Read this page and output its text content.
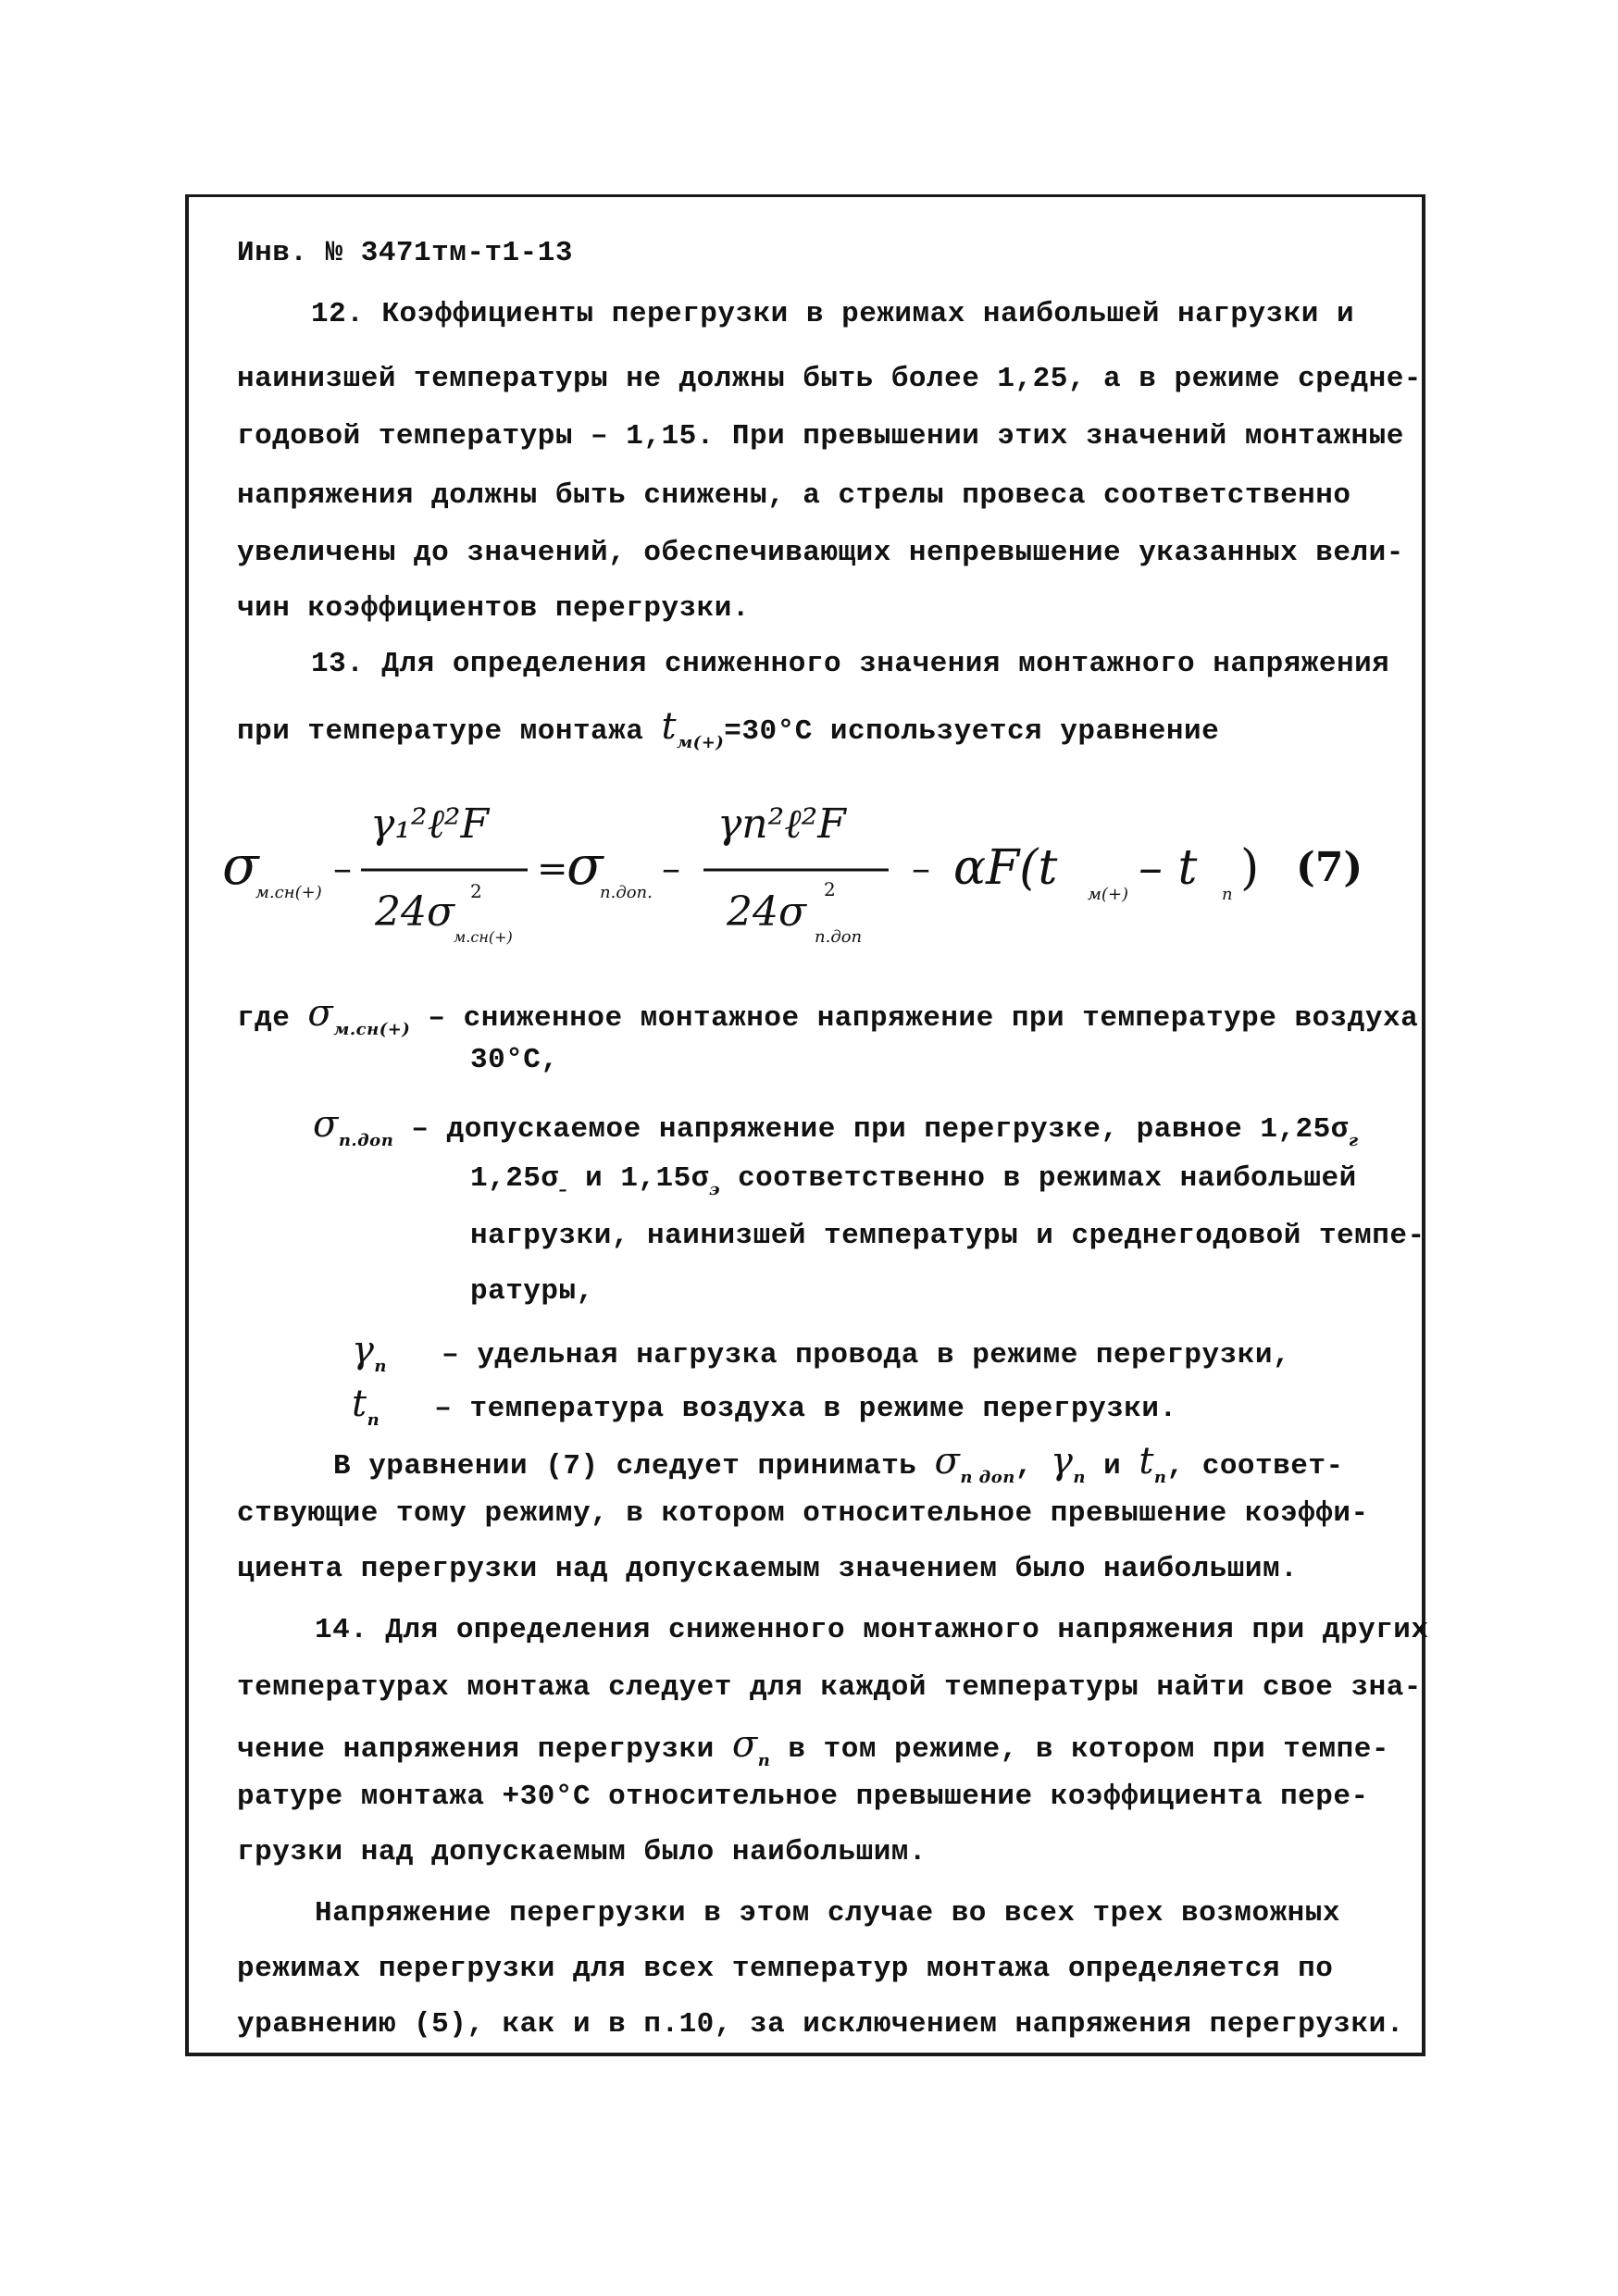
Инв. № 3471тм-т1-13
12. Коэффициенты перегрузки в режимах наибольшей нагрузки и
наинизшей температуры не должны быть более 1,25, а в режиме средне-
годовой температуры – 1,15. При превышении этих значений монтажные
напряжения должны быть снижены, а стрелы провеса соответственно
увеличены до значений, обеспечивающих непревышение указанных вели-
чин коэффициентов перегрузки.
13. Для определения сниженного значения монтажного напряжения
при температуре монтажа $t_{м(+)}=30^\circ С$ используется уравнение
σ
м.сн(+)
–
γ₁²ℓ²F
24σ 2
м.сн(+)
=
σ
п.доп.
–
γп²ℓ²F
24σ 2
п.доп
– αF(t м(+) – t п ) (7)
где $\sigma_{м.сн(+)}$ – сниженное монтажное напряжение при температуре воздуха
30°С,
$\sigma_{п.доп}$ – допускаемое напряжение при перегрузке, равное $1,25\sigma_г$
$1,25\sigma_-$ и $1,15\sigma_э$ соответственно в режимах наибольшей
нагрузки, наинизшей температуры и среднегодовой темпе-
ратуры,
$\gamma_п$ – удельная нагрузка провода в режиме перегрузки,
$t_п$ – температура воздуха в режиме перегрузки.
В уравнении (7) следует принимать $\sigma_{п доп}$, $\gamma_п$ и $t_п$, соответ-
ствующие тому режиму, в котором относительное превышение коэффи-
циента перегрузки над допускаемым значением было наибольшим.
14. Для определения сниженного монтажного напряжения при других
температурах монтажа следует для каждой температуры найти свое зна-
чение напряжения перегрузки $\sigma_п$ в том режиме, в котором при темпе-
ратуре монтажа +30°С относительное превышение коэффициента пере-
грузки над допускаемым было наибольшим.
Напряжение перегрузки в этом случае во всех трех возможных
режимах перегрузки для всех температур монтажа определяется по
уравнению (5), как и в п.10, за исключением напряжения перегрузки.
